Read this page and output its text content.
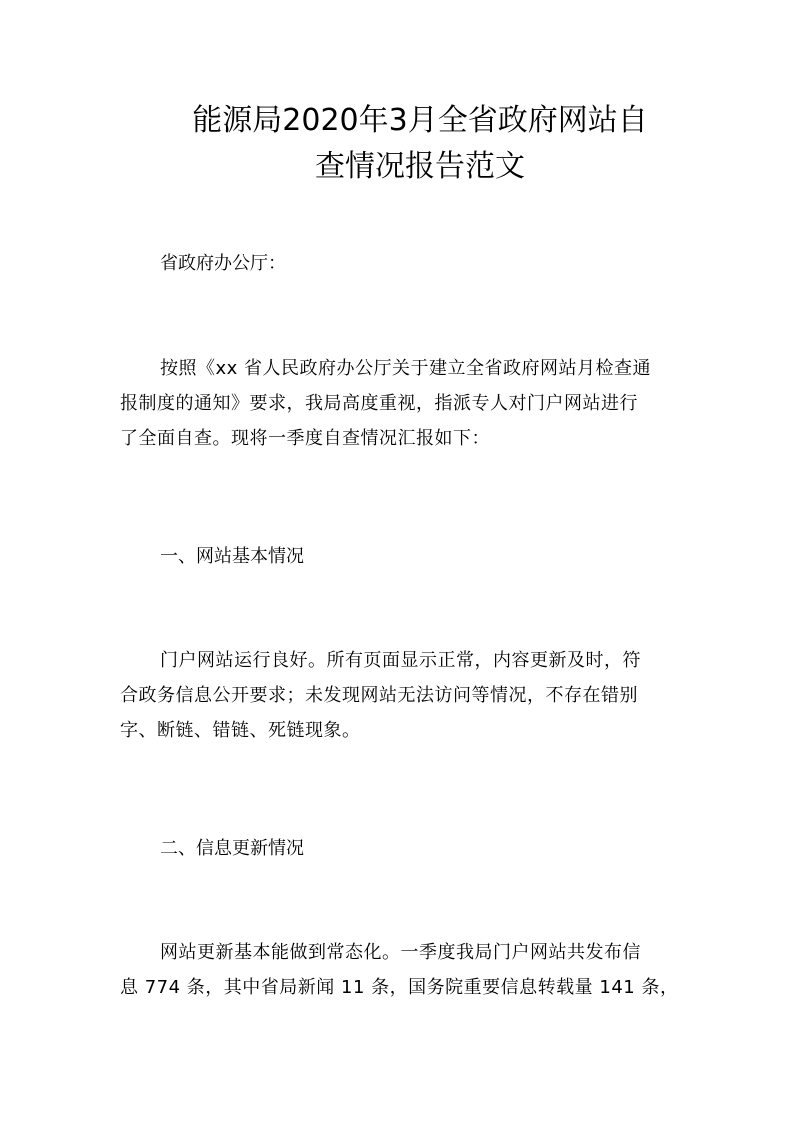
能源局2020年3月全省政府网站自
查情况报告范文

省政府办公厅：

按照《xx 省人民政府办公厅关于建立全省政府网站月检查通
报制度的通知》要求，我局高度重视，指派专人对门户网站进行
了全面自查。现将一季度自查情况汇报如下：

一、网站基本情况

门户网站运行良好。所有页面显示正常，内容更新及时，符
合政务信息公开要求；未发现网站无法访问等情况，不存在错别
字、断链、错链、死链现象。

二、信息更新情况

网站更新基本能做到常态化。一季度我局门户网站共发布信
息 774 条，其中省局新闻 11 条，国务院重要信息转载量 141 条，
